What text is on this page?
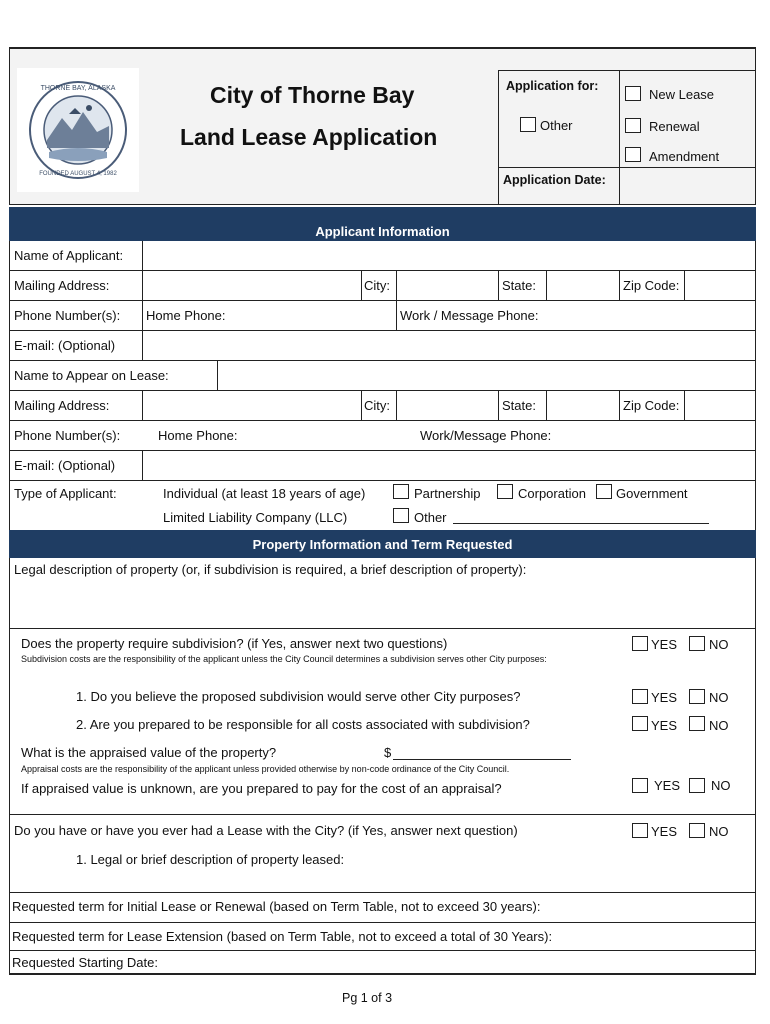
THORNE BAY, ALASKA
FOUNDED AUGUST 4, 1982
City of Thorne Bay
Land Lease Application
Application for:
Other
New Lease
Renewal
Amendment
Application Date:
Applicant Information
Name of Applicant:
Mailing Address:	City:	State:	Zip Code:
Phone Number(s): Home Phone:	Work / Message Phone:
E-mail: (Optional)
Name to Appear on Lease:
Mailing Address:	City:	State:	Zip Code:
Phone Number(s):	Home Phone:	Work/Message Phone:
E-mail: (Optional)
Type of Applicant:	Individual (at least 18 years of age)
Limited Liability Company (LLC)
Partnership	Corporation Government
Other
Property Information and Term Requested
Legal description of property (or, if subdivision is required, a brief description of property):
Does the property require subdivision? (if Yes, answer next two questions)
Subdivision costs are the responsibility of the applicant unless the City Council determines a subdivision serves other City purposes:
YES NO
1. Do you believe the proposed subdivision would serve other City purposes?	YES NO
2. Are you prepared to be responsible for all costs associated with subdivision?	YES NO
What is the appraised value of the property?	$
Appraisal costs are the responsibility of the applicant unless provided otherwise by non-code ordinance of the City Council.
If appraised value is unknown, are you prepared to pay for the cost of an appraisal?	YES NO
Do you have or have you ever had a Lease with the City? (if Yes, answer next question)	YES NO
1. Legal or brief description of property leased:
Requested term for Initial Lease or Renewal (based on Term Table, not to exceed 30 years):
Requested term for Lease Extension (based on Term Table, not to exceed a total of 30 Years):
Requested Starting Date:
Pg 1 of 3
